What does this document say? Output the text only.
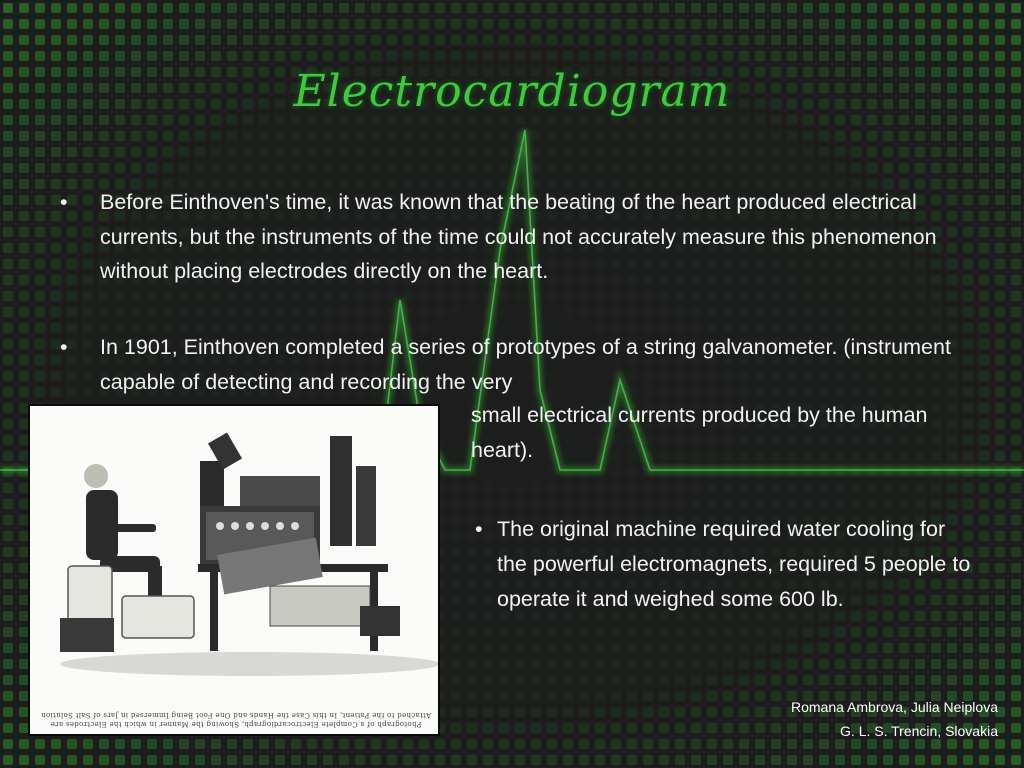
Electrocardiogram
• Before Einthoven's time, it was known that the beating of the heart produced electrical currents, but the instruments of the time could not accurately measure this phenomenon without placing electrodes directly on the heart.
• In 1901, Einthoven completed a series of prototypes of a string galvanometer. (instrument capable of detecting and recording the very
small electrical currents produced by the human heart).
• The original machine required water cooling for the powerful electromagnets, required 5 people to operate it and weighed some 600 lb.
Photograph of a Complete Electrocardiograph, Showing the Manner in which the Electrodes are Attached to the Patient, In this Case the Hands and One Foot Being Immersed in Jars of Salt Solution	Romana Ambrova, Julia Neiplova
G. L. S. Trencin, Slovakia
